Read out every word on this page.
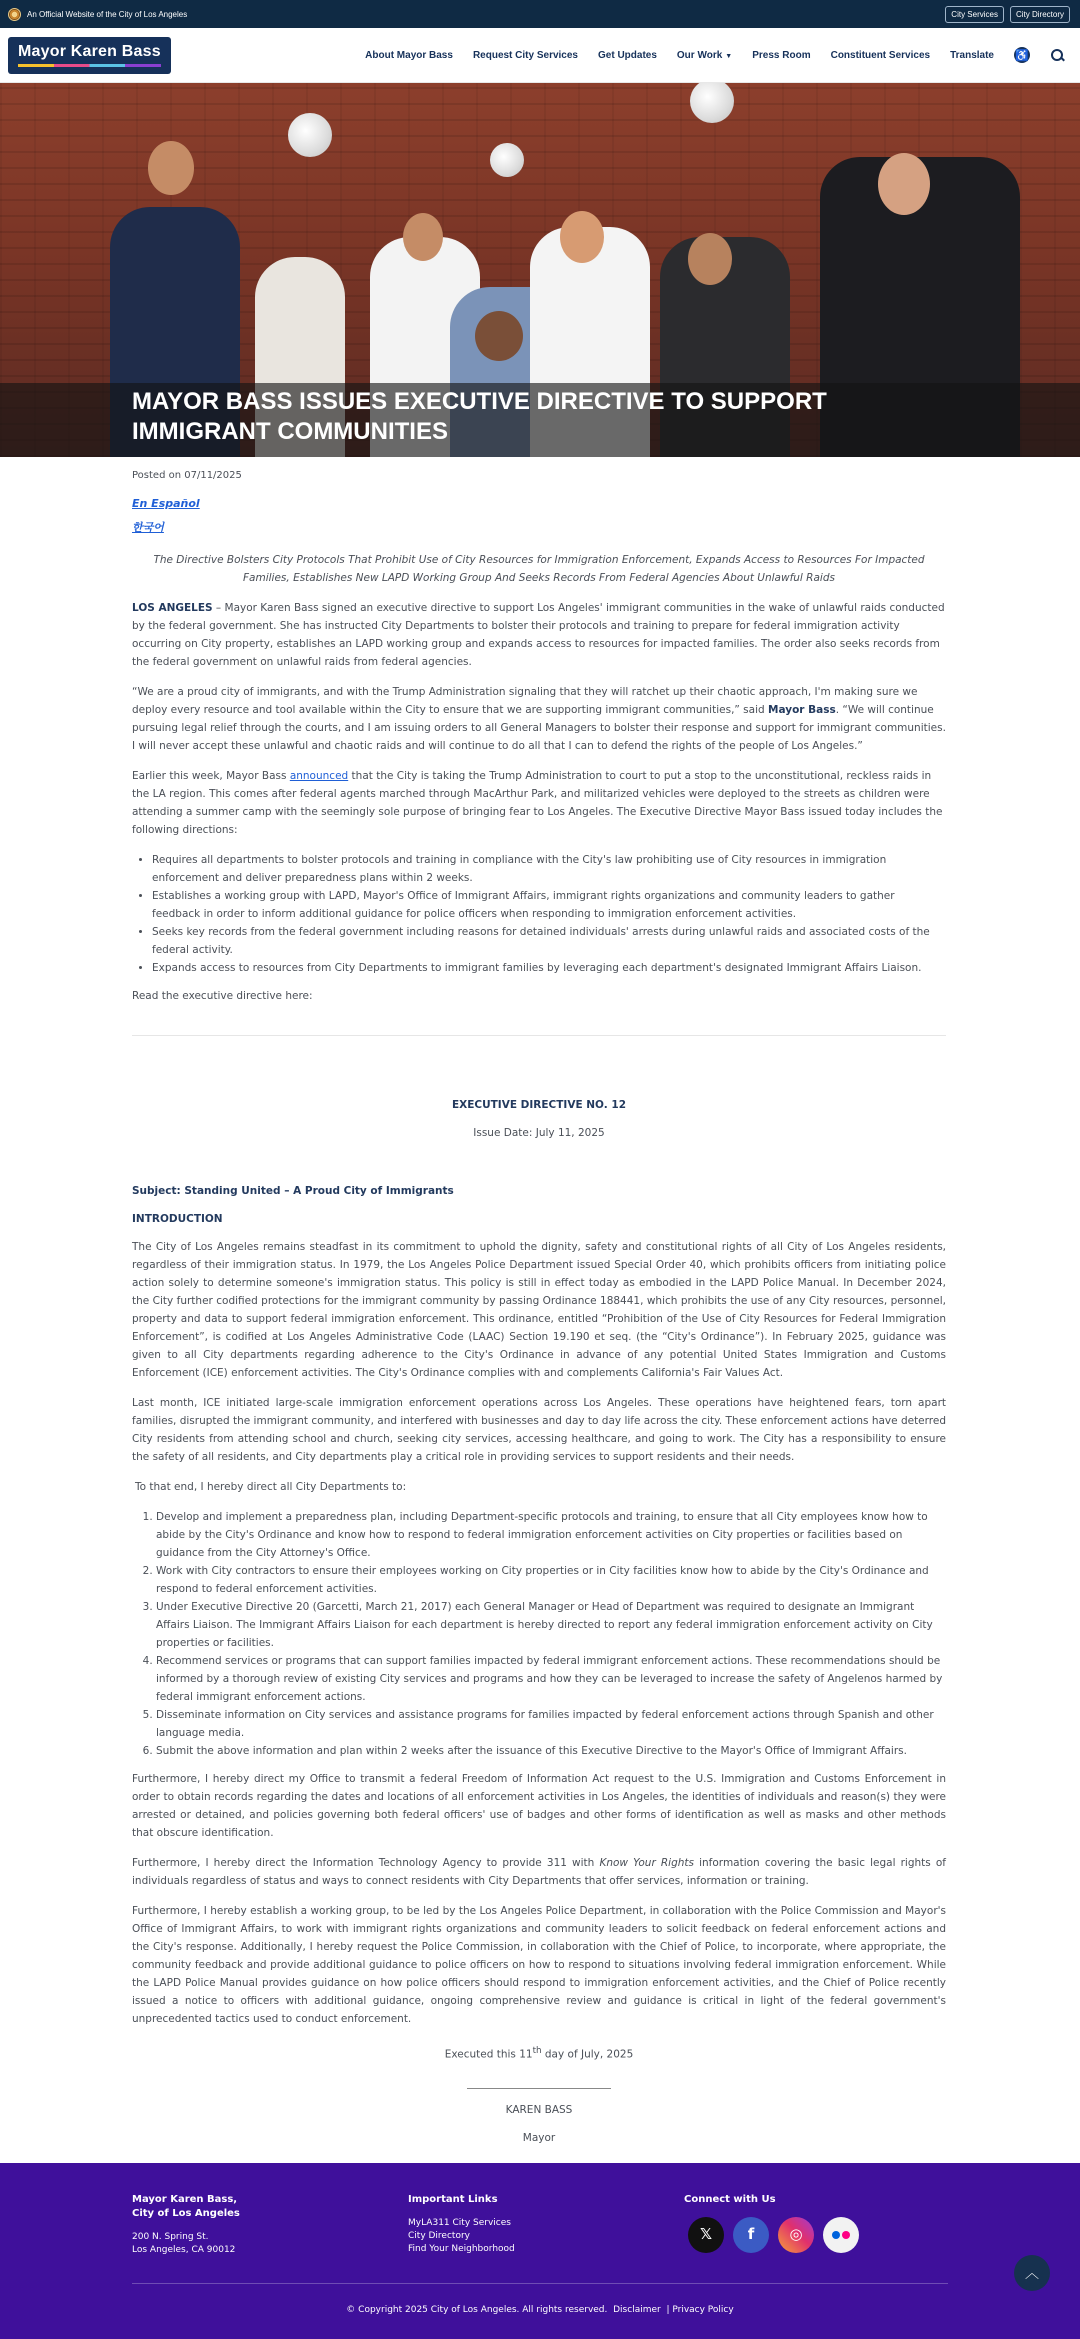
An Official Website of the City of Los Angeles	City Services	City Directory
Mayor Karen Bass	About Mayor Bass Request City Services Get Updates Our Work ▼ Press Room Constituent Services Translate ♿
MAYOR BASS ISSUES EXECUTIVE DIRECTIVE TO SUPPORT IMMIGRANT COMMUNITIES
Posted on 07/11/2025
En Español
한국어

The Directive Bolsters City Protocols That Prohibit Use of City Resources for Immigration Enforcement, Expands Access to Resources For Impacted Families, Establishes New LAPD Working Group And Seeks Records From Federal Agencies About Unlawful Raids

LOS ANGELES – Mayor Karen Bass signed an executive directive to support Los Angeles' immigrant communities in the wake of unlawful raids conducted by the federal government. She has instructed City Departments to bolster their protocols and training to prepare for federal immigration activity occurring on City property, establishes an LAPD working group and expands access to resources for impacted families. The order also seeks records from the federal government on unlawful raids from federal agencies.

“We are a proud city of immigrants, and with the Trump Administration signaling that they will ratchet up their chaotic approach, I'm making sure we deploy every resource and tool available within the City to ensure that we are supporting immigrant communities,” said Mayor Bass. “We will continue pursuing legal relief through the courts, and I am issuing orders to all General Managers to bolster their response and support for immigrant communities. I will never accept these unlawful and chaotic raids and will continue to do all that I can to defend the rights of the people of Los Angeles.”

Earlier this week, Mayor Bass announced that the City is taking the Trump Administration to court to put a stop to the unconstitutional, reckless raids in the LA region. This comes after federal agents marched through MacArthur Park, and militarized vehicles were deployed to the streets as children were attending a summer camp with the seemingly sole purpose of bringing fear to Los Angeles. The Executive Directive Mayor Bass issued today includes the following directions:

• Requires all departments to bolster protocols and training in compliance with the City's law prohibiting use of City resources in immigration enforcement and deliver preparedness plans within 2 weeks.
• Establishes a working group with LAPD, Mayor's Office of Immigrant Affairs, immigrant rights organizations and community leaders to gather feedback in order to inform additional guidance for police officers when responding to immigration enforcement activities.
• Seeks key records from the federal government including reasons for detained individuals' arrests during unlawful raids and associated costs of the federal activity.
• Expands access to resources from City Departments to immigrant families by leveraging each department's designated Immigrant Affairs Liaison.

Read the executive directive here:

EXECUTIVE DIRECTIVE NO. 12
Issue Date: July 11, 2025
Subject: Standing United – A Proud City of Immigrants
INTRODUCTION

The City of Los Angeles remains steadfast in its commitment to uphold the dignity, safety and constitutional rights of all City of Los Angeles residents, regardless of their immigration status. In 1979, the Los Angeles Police Department issued Special Order 40, which prohibits officers from initiating police action solely to determine someone's immigration status. This policy is still in effect today as embodied in the LAPD Police Manual. In December 2024, the City further codified protections for the immigrant community by passing Ordinance 188441, which prohibits the use of any City resources, personnel, property and data to support federal immigration enforcement. This ordinance, entitled “Prohibition of the Use of City Resources for Federal Immigration Enforcement”, is codified at Los Angeles Administrative Code (LAAC) Section 19.190 et seq. (the “City's Ordinance”). In February 2025, guidance was given to all City departments regarding adherence to the City's Ordinance in advance of any potential United States Immigration and Customs Enforcement (ICE) enforcement activities. The City's Ordinance complies with and complements California's Fair Values Act.

Last month, ICE initiated large-scale immigration enforcement operations across Los Angeles. These operations have heightened fears, torn apart families, disrupted the immigrant community, and interfered with businesses and day to day life across the city. These enforcement actions have deterred City residents from attending school and church, seeking city services, accessing healthcare, and going to work. The City has a responsibility to ensure the safety of all residents, and City departments play a critical role in providing services to support residents and their needs.

To that end, I hereby direct all City Departments to:

1. Develop and implement a preparedness plan, including Department-specific protocols and training, to ensure that all City employees know how to abide by the City's Ordinance and know how to respond to federal immigration enforcement activities on City properties or facilities based on guidance from the City Attorney's Office.
2. Work with City contractors to ensure their employees working on City properties or in City facilities know how to abide by the City's Ordinance and respond to federal enforcement activities.
3. Under Executive Directive 20 (Garcetti, March 21, 2017) each General Manager or Head of Department was required to designate an Immigrant Affairs Liaison. The Immigrant Affairs Liaison for each department is hereby directed to report any federal immigration enforcement activity on City properties or facilities.
4. Recommend services or programs that can support families impacted by federal immigrant enforcement actions. These recommendations should be informed by a thorough review of existing City services and programs and how they can be leveraged to increase the safety of Angelenos harmed by federal immigrant enforcement actions.
5. Disseminate information on City services and assistance programs for families impacted by federal enforcement actions through Spanish and other language media.
6. Submit the above information and plan within 2 weeks after the issuance of this Executive Directive to the Mayor's Office of Immigrant Affairs.

Furthermore, I hereby direct my Office to transmit a federal Freedom of Information Act request to the U.S. Immigration and Customs Enforcement in order to obtain records regarding the dates and locations of all enforcement activities in Los Angeles, the identities of individuals and reason(s) they were arrested or detained, and policies governing both federal officers' use of badges and other forms of identification as well as masks and other methods that obscure identification.

Furthermore, I hereby direct the Information Technology Agency to provide 311 with Know Your Rights information covering the basic legal rights of individuals regardless of status and ways to connect residents with City Departments that offer services, information or training.

Furthermore, I hereby establish a working group, to be led by the Los Angeles Police Department, in collaboration with the Police Commission and Mayor's Office of Immigrant Affairs, to work with immigrant rights organizations and community leaders to solicit feedback on federal enforcement actions and the City's response. Additionally, I hereby request the Police Commission, in collaboration with the Chief of Police, to incorporate, where appropriate, the community feedback and provide additional guidance to police officers on how to respond to situations involving federal immigration enforcement. While the LAPD Police Manual provides guidance on how police officers should respond to immigration enforcement activities, and the Chief of Police recently issued a notice to officers with additional guidance, ongoing comprehensive review and guidance is critical in light of the federal government's unprecedented tactics used to conduct enforcement.

Executed this 11th day of July, 2025
KAREN BASS
Mayor
Mayor Karen Bass,
City of Los Angeles
200 N. Spring St.
Los Angeles, CA 90012
Important Links
MyLA311 City Services
City Directory
Find Your Neighborhood
Connect with Us
𝕏	f	◎
︿
© Copyright 2025 City of Los Angeles. All rights reserved. Disclaimer  | Privacy Policy
